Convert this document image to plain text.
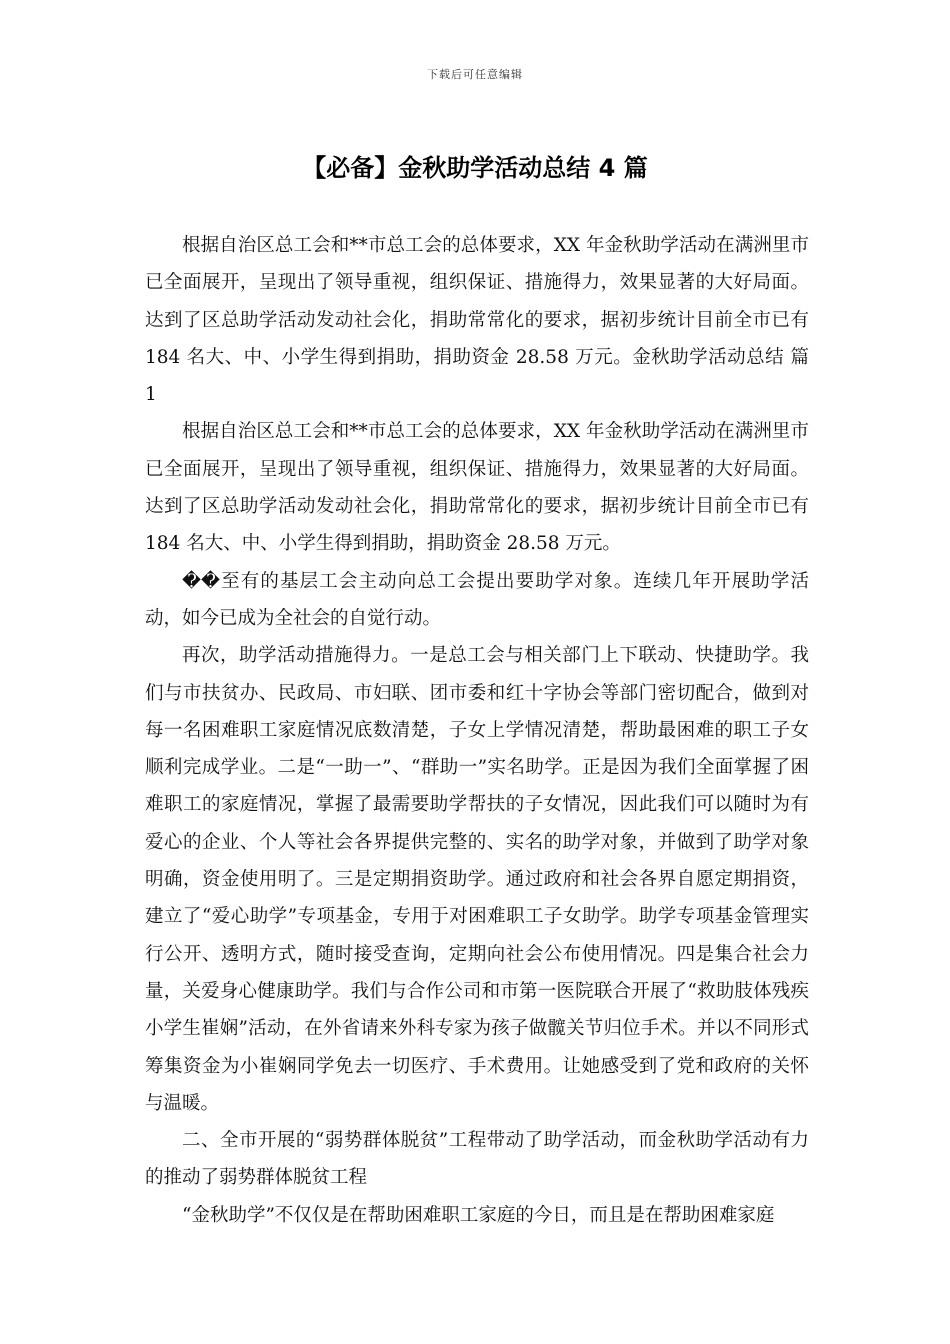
下载后可任意编辑
【必备】金秋助学活动总结 4 篇

根据自治区总工会和**市总工会的总体要求，XX 年金秋助学活动在满洲里市已全面展开，呈现出了领导重视，组织保证、措施得力，效果显著的大好局面。达到了区总助学活动发动社会化，捐助常常化的要求，据初步统计目前全市已有 184 名大、中、小学生得到捐助，捐助资金 28.58 万元。金秋助学活动总结 篇 1

根据自治区总工会和**市总工会的总体要求，XX 年金秋助学活动在满洲里市已全面展开，呈现出了领导重视，组织保证、措施得力，效果显著的大好局面。达到了区总助学活动发动社会化，捐助常常化的要求，据初步统计目前全市已有 184 名大、中、小学生得到捐助，捐助资金 28.58 万元。

��至有的基层工会主动向总工会提出要助学对象。连续几年开展助学活动，如今已成为全社会的自觉行动。

再次，助学活动措施得力。一是总工会与相关部门上下联动、快捷助学。我们与市扶贫办、民政局、市妇联、团市委和红十字协会等部门密切配合，做到对每一名困难职工家庭情况底数清楚，子女上学情况清楚，帮助最困难的职工子女顺利完成学业。二是“一助一”、“群助一”实名助学。正是因为我们全面掌握了困难职工的家庭情况，掌握了最需要助学帮扶的子女情况，因此我们可以随时为有爱心的企业、个人等社会各界提供完整的、实名的助学对象，并做到了助学对象明确，资金使用明了。三是定期捐资助学。通过政府和社会各界自愿定期捐资，建立了“爱心助学”专项基金，专用于对困难职工子女助学。助学专项基金管理实行公开、透明方式，随时接受查询，定期向社会公布使用情况。四是集合社会力量，关爱身心健康助学。我们与合作公司和市第一医院联合开展了“救助肢体残疾小学生崔娴”活动，在外省请来外科专家为孩子做髋关节归位手术。并以不同形式筹集资金为小崔娴同学免去一切医疗、手术费用。让她感受到了党和政府的关怀与温暖。

二、全市开展的“弱势群体脱贫”工程带动了助学活动，而金秋助学活动有力的推动了弱势群体脱贫工程

“金秋助学”不仅仅是在帮助困难职工家庭的今日，而且是在帮助困难家庭
